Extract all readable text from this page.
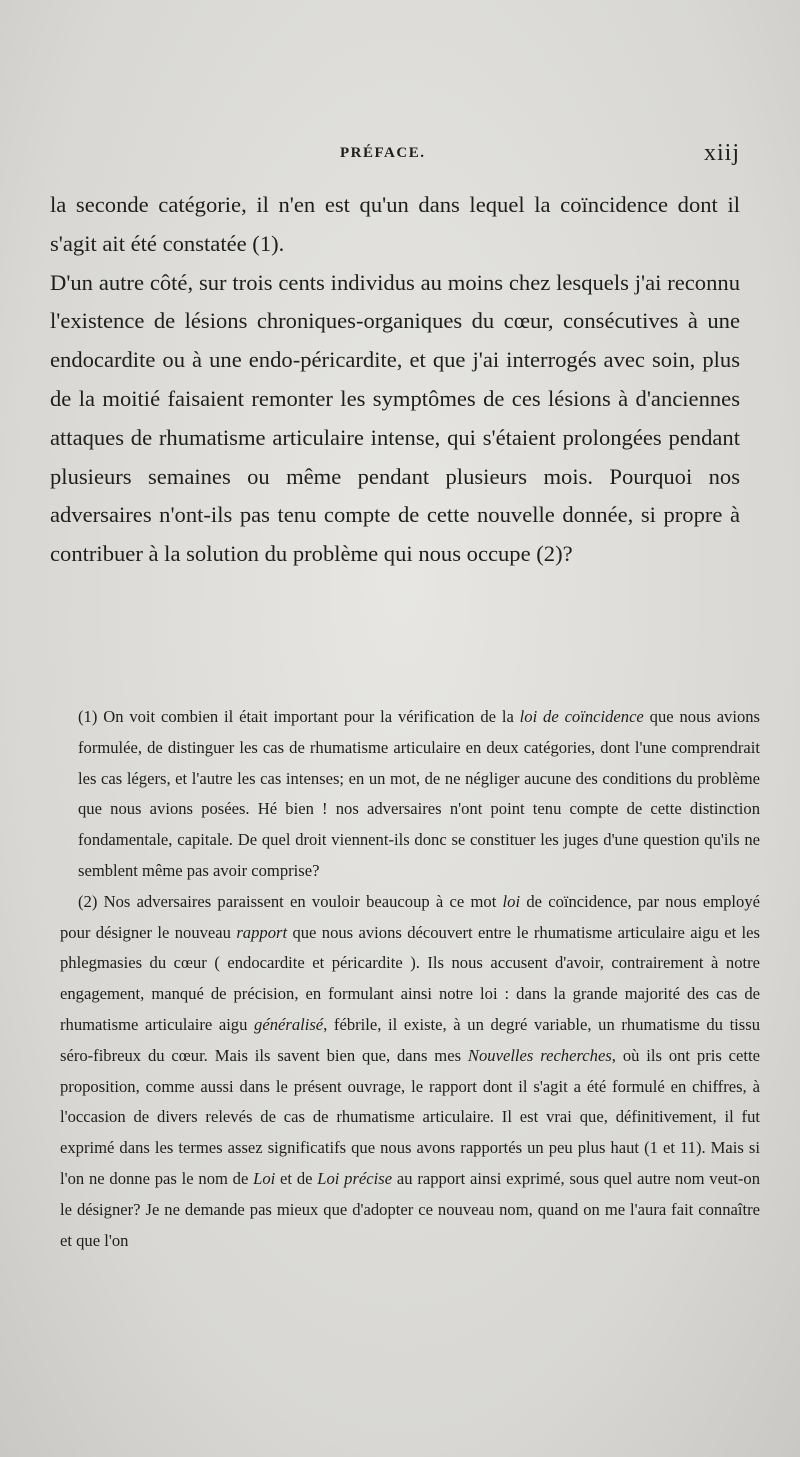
PRÉFACE.	xiij

la seconde catégorie, il n'en est qu'un dans lequel la coïncidence dont il s'agit ait été constatée (1).

D'un autre côté, sur trois cents individus au moins chez lesquels j'ai reconnu l'existence de lésions chroniques-organiques du cœur, consécutives à une endocardite ou à une endo-péricardite, et que j'ai interrogés avec soin, plus de la moitié faisaient remonter les symptômes de ces lésions à d'anciennes attaques de rhumatisme articulaire intense, qui s'étaient prolongées pendant plusieurs semaines ou même pendant plusieurs mois. Pourquoi nos adversaires n'ont-ils pas tenu compte de cette nouvelle donnée, si propre à contribuer à la solution du problème qui nous occupe (2)?

(1) On voit combien il était important pour la vérification de la loi de coïncidence que nous avions formulée, de distinguer les cas de rhumatisme articulaire en deux catégories, dont l'une comprendrait les cas légers, et l'autre les cas intenses; en un mot, de ne négliger aucune des conditions du problème que nous avions posées. Hé bien ! nos adversaires n'ont point tenu compte de cette distinction fondamentale, capitale. De quel droit viennent-ils donc se constituer les juges d'une question qu'ils ne semblent même pas avoir comprise?

(2) Nos adversaires paraissent en vouloir beaucoup à ce mot loi de coïncidence, par nous employé pour désigner le nouveau rapport que nous avions découvert entre le rhumatisme articulaire aigu et les phlegmasies du cœur ( endocardite et péricardite ). Ils nous accusent d'avoir, contrairement à notre engagement, manqué de précision, en formulant ainsi notre loi : dans la grande majorité des cas de rhumatisme articulaire aigu généralisé, fébrile, il existe, à un degré variable, un rhumatisme du tissu séro-fibreux du cœur. Mais ils savent bien que, dans mes Nouvelles recherches, où ils ont pris cette proposition, comme aussi dans le présent ouvrage, le rapport dont il s'agit a été formulé en chiffres, à l'occasion de divers relevés de cas de rhumatisme articulaire. Il est vrai que, définitivement, il fut exprimé dans les termes assez significatifs que nous avons rapportés un peu plus haut (1 et 11). Mais si l'on ne donne pas le nom de Loi et de Loi précise au rapport ainsi exprimé, sous quel autre nom veut-on le désigner? Je ne demande pas mieux que d'adopter ce nouveau nom, quand on me l'aura fait connaître et que l'on
